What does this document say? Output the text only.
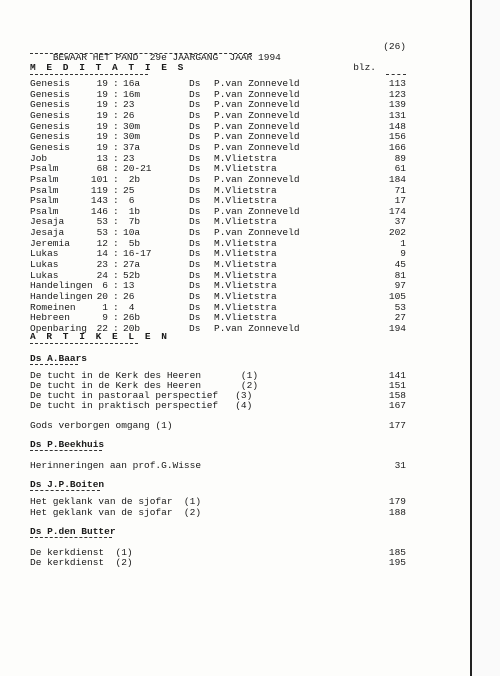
BEWAAR HET PAND  29e JAARGANG  JAAR 1994

(26)

M E D I T A T I E S	blz.
Genesis	19 16a	Ds P.van Zonneveld	113
:
Genesis	19 16m	Ds P.van Zonneveld	123
:
Genesis	19 23	Ds P.van Zonneveld	139
:
Genesis	19 26	Ds P.van Zonneveld	131
:
Genesis	19 30m	Ds P.van Zonneveld	148
:
Genesis	19 30m	Ds P.van Zonneveld	156
:
Genesis	19 37a	Ds P.van Zonneveld	166
:
Job	13 23	Ds M.Vlietstra	89
:
Psalm	68 20-21	Ds M.Vlietstra	61
:
Psalm	101 2b	Ds P.van Zonneveld	184
:
Psalm	119 25	Ds M.Vlietstra	71
:
Psalm	143 6	Ds M.Vlietstra	17
:
Psalm	146 1b	Ds P.van Zonneveld	174
:
Jesaja	53 7b	Ds M.Vlietstra	37
:
Jesaja	53 10a	Ds P.van Zonneveld	202
:
Jeremia	12 5b	Ds M.Vlietstra	1
:
Lukas	14 16-17	Ds M.Vlietstra	9
:
Lukas	23 27a	Ds M.Vlietstra	45
:
Lukas	24 52b	Ds M.Vlietstra	81
:
Handelingen	6 13	Ds M.Vlietstra	97
:
Handelingen 20 26	Ds M.Vlietstra	105
:
Romeinen	1 4	Ds M.Vlietstra	53
:
Hebreen	9 26b	Ds M.Vlietstra	27
:
Openbaring	22 20b	Ds P.van Zonneveld	194
:
A R T I K E L E N
Ds A.Baars
De tucht in de Kerk des Heeren       (1)	141
De tucht in de Kerk des Heeren       (2)	151
De tucht in pastoraal perspectief   (3)	158
De tucht in praktisch perspectief   (4)	167
Gods verborgen omgang (1)	177
Ds P.Beekhuis
Herinneringen aan prof.G.Wisse	31
Ds J.P.Boiten
Het geklank van de sjofar  (1)	179
Het geklank van de sjofar  (2)	188
Ds P.den Butter
De kerkdienst  (1)	185
De kerkdienst  (2)	195
